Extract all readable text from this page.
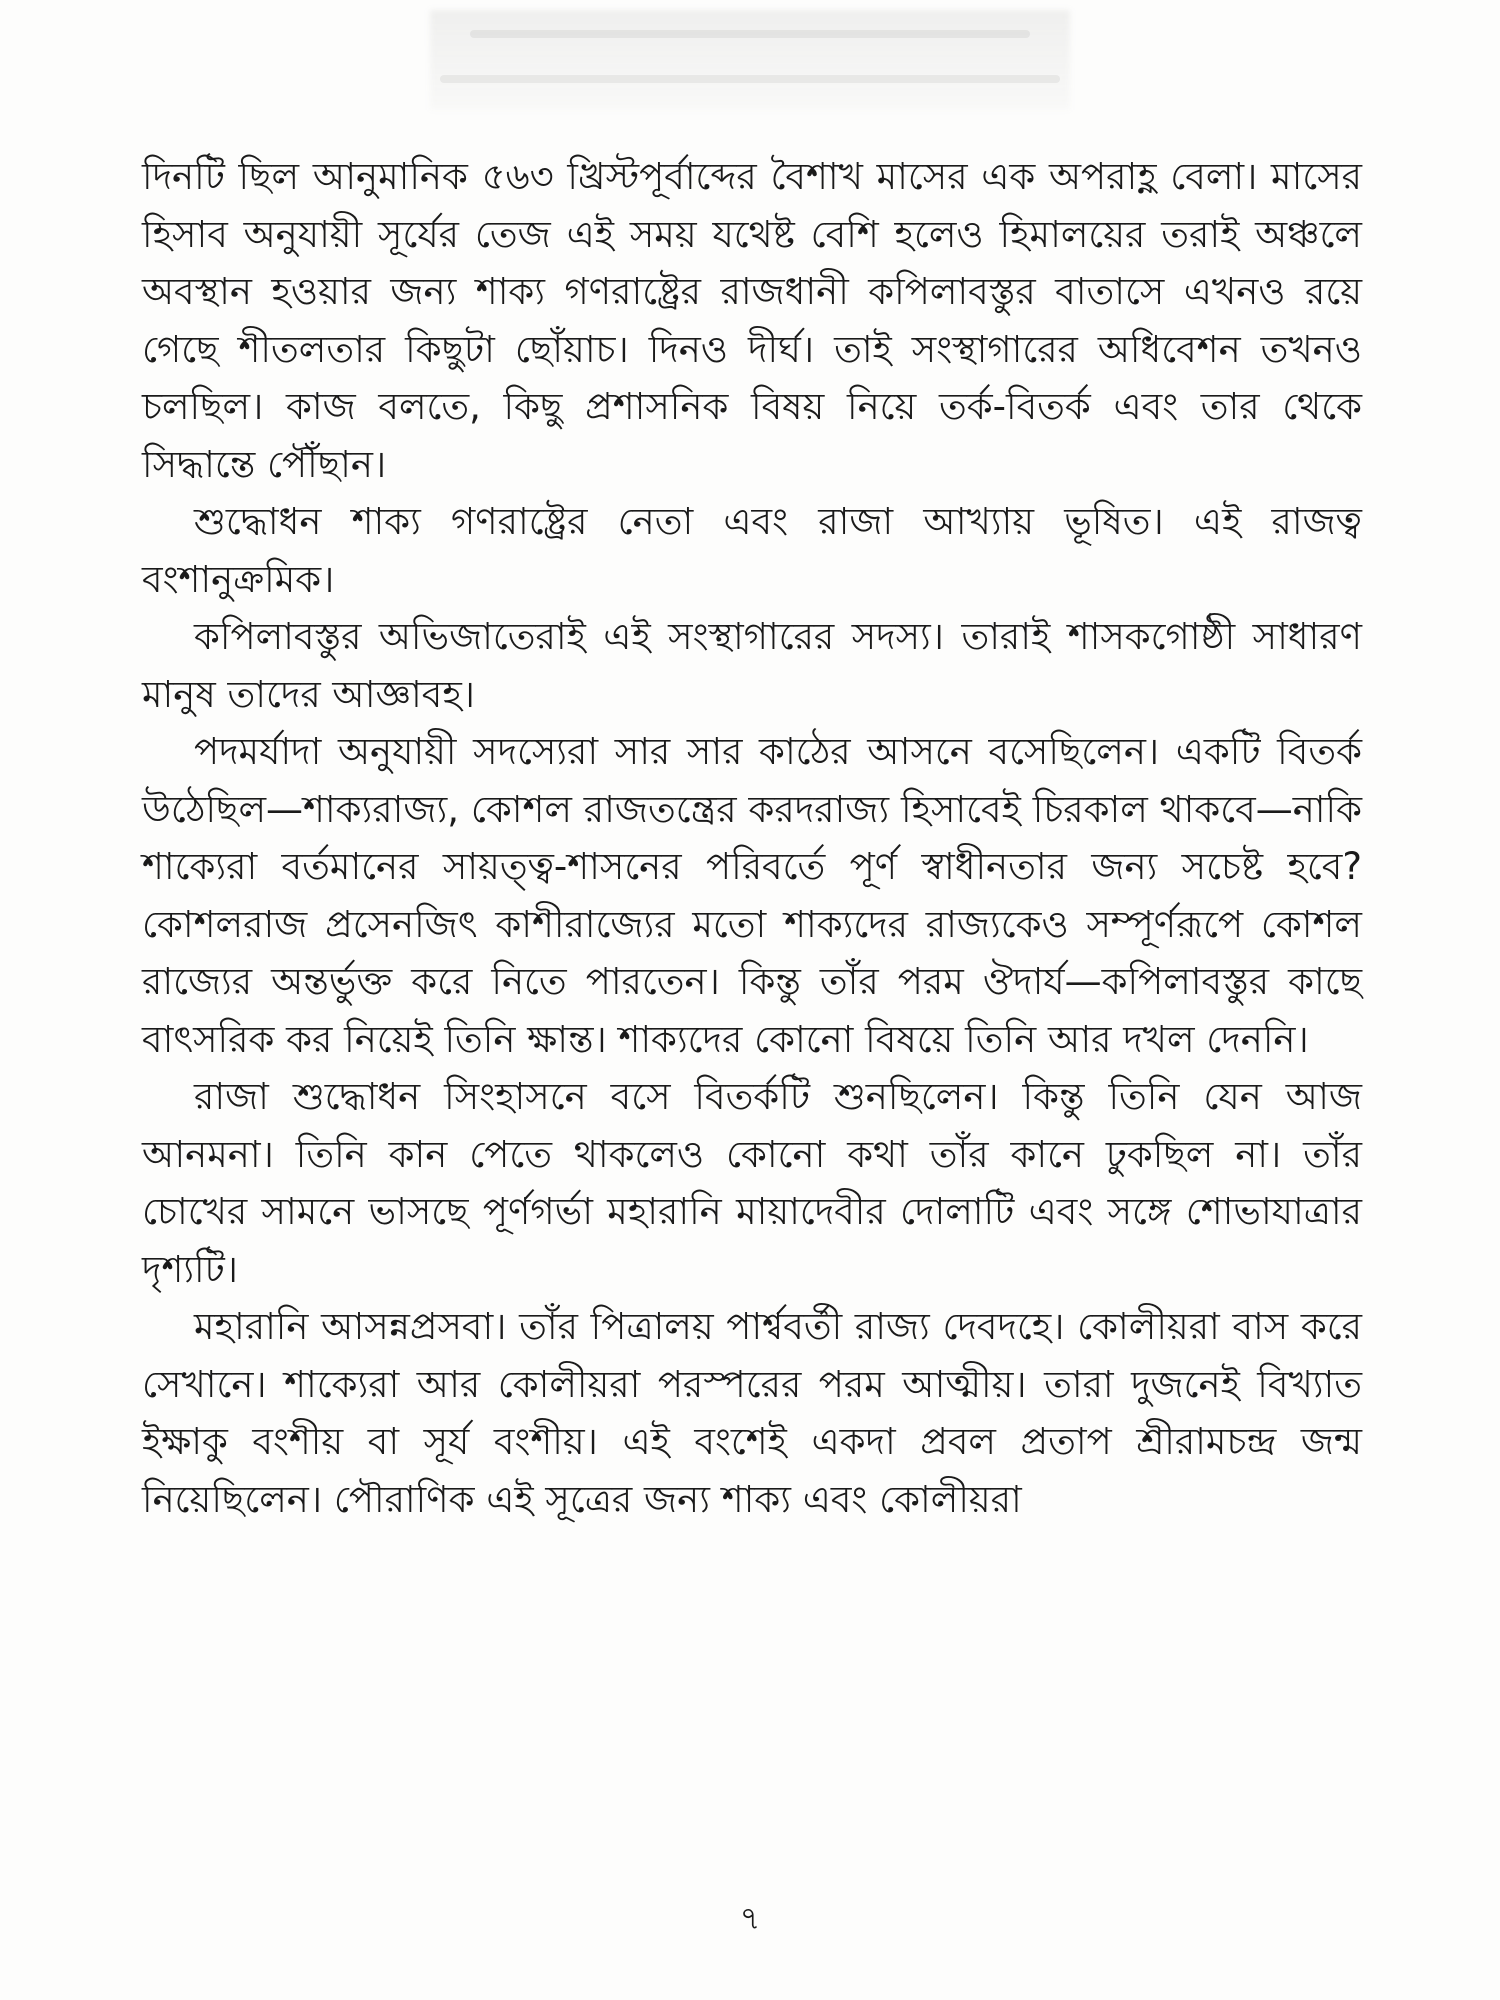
দিনটি ছিল আনুমানিক ৫৬৩ খ্রিস্টপূর্বাব্দের বৈশাখ মাসের এক অপরাহ্ণ বেলা। মাসের হিসাব অনুযায়ী সূর্যের তেজ এই সময় যথেষ্ট বেশি হলেও হিমালয়ের তরাই অঞ্চলে অবস্থান হওয়ার জন্য শাক্য গণরাষ্ট্রের রাজধানী কপিলাবস্তুর বাতাসে এখনও রয়ে গেছে শীতলতার কিছুটা ছোঁয়াচ। দিনও দীর্ঘ। তাই সংস্থাগারের অধিবেশন তখনও চলছিল। কাজ বলতে, কিছু প্রশাসনিক বিষয় নিয়ে তর্ক-বিতর্ক এবং তার থেকে সিদ্ধান্তে পৌঁছান।

শুদ্ধোধন শাক্য গণরাষ্ট্রের নেতা এবং রাজা আখ্যায় ভূষিত। এই রাজত্ব বংশানুক্রমিক।

কপিলাবস্তুর অভিজাতেরাই এই সংস্থাগারের সদস্য। তারাই শাসকগোষ্ঠী সাধারণ মানুষ তাদের আজ্ঞাবহ।

পদমর্যাদা অনুযায়ী সদস্যেরা সার সার কাঠের আসনে বসেছিলেন। একটি বিতর্ক উঠেছিল—শাক্যরাজ্য, কোশল রাজতন্ত্রের করদরাজ্য হিসাবেই চিরকাল থাকবে—নাকি শাক্যেরা বর্তমানের সায়ত্ত্ব-শাসনের পরিবর্তে পূর্ণ স্বাধীনতার জন্য সচেষ্ট হবে? কোশলরাজ প্রসেনজিৎ কাশীরাজ্যের মতো শাক্যদের রাজ্যকেও সম্পূর্ণরূপে কোশল রাজ্যের অন্তর্ভুক্ত করে নিতে পারতেন। কিন্তু তাঁর পরম ঔদার্য—কপিলাবস্তুর কাছে বাৎসরিক কর নিয়েই তিনি ক্ষান্ত। শাক্যদের কোনো বিষয়ে তিনি আর দখল দেননি।

রাজা শুদ্ধোধন সিংহাসনে বসে বিতর্কটি শুনছিলেন। কিন্তু তিনি যেন আজ আনমনা। তিনি কান পেতে থাকলেও কোনো কথা তাঁর কানে ঢুকছিল না। তাঁর চোখের সামনে ভাসছে পূর্ণগর্ভা মহারানি মায়াদেবীর দোলাটি এবং সঙ্গে শোভাযাত্রার দৃশ্যটি।

মহারানি আসন্নপ্রসবা। তাঁর পিত্রালয় পার্শ্ববর্তী রাজ্য দেবদহে। কোলীয়রা বাস করে সেখানে। শাক্যেরা আর কোলীয়রা পরস্পরের পরম আত্মীয়। তারা দুজনেই বিখ্যাত ইক্ষাকু বংশীয় বা সূর্য বংশীয়। এই বংশেই একদা প্রবল প্রতাপ শ্রীরামচন্দ্র জন্ম নিয়েছিলেন। পৌরাণিক এই সূত্রের জন্য শাক্য এবং কোলীয়রা

৭
